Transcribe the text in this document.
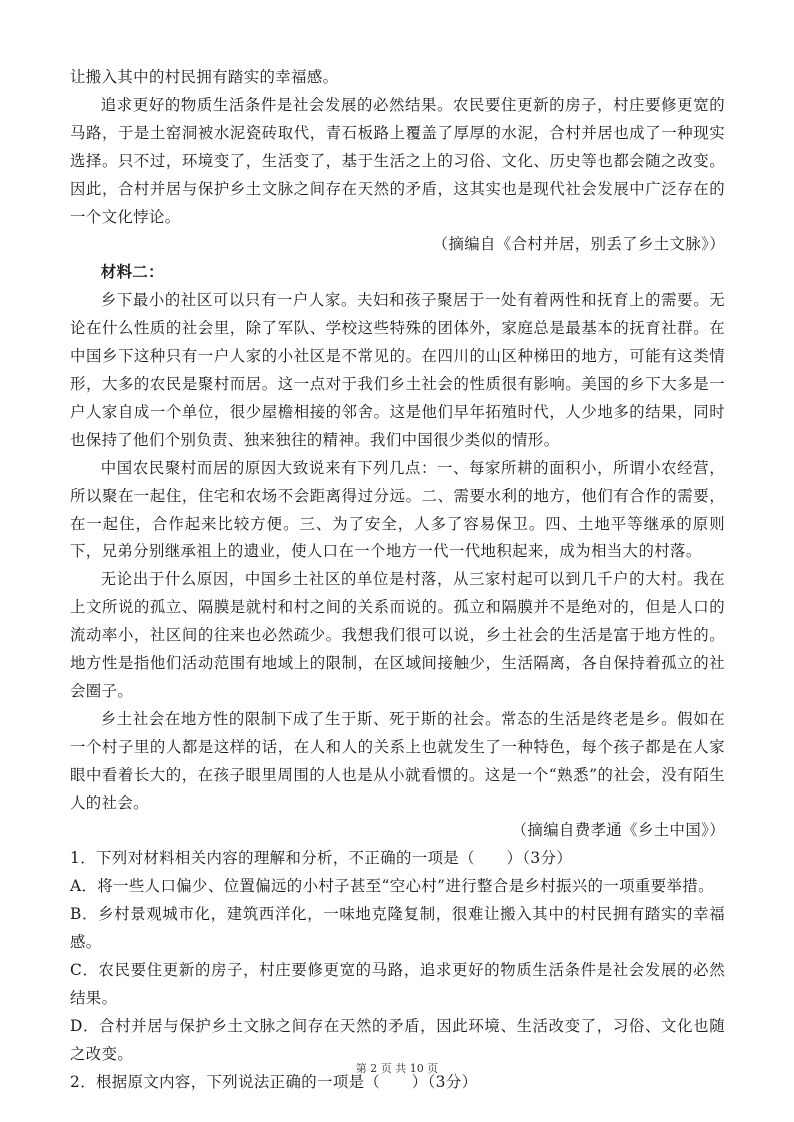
让搬入其中的村民拥有踏实的幸福感。

追求更好的物质生活条件是社会发展的必然结果。农民要住更新的房子，村庄要修更宽的马路，于是土窑洞被水泥瓷砖取代，青石板路上覆盖了厚厚的水泥，合村并居也成了一种现实选择。只不过，环境变了，生活变了，基于生活之上的习俗、文化、历史等也都会随之改变。因此，合村并居与保护乡土文脉之间存在天然的矛盾，这其实也是现代社会发展中广泛存在的一个文化悖论。

（摘编自《合村并居，别丢了乡土文脉》）

材料二：

乡下最小的社区可以只有一户人家。夫妇和孩子聚居于一处有着两性和抚育上的需要。无论在什么性质的社会里，除了军队、学校这些特殊的团体外，家庭总是最基本的抚育社群。在中国乡下这种只有一户人家的小社区是不常见的。在四川的山区种梯田的地方，可能有这类情形，大多的农民是聚村而居。这一点对于我们乡土社会的性质很有影响。美国的乡下大多是一户人家自成一个单位，很少屋檐相接的邻舍。这是他们早年拓殖时代，人少地多的结果，同时也保持了他们个别负责、独来独往的精神。我们中国很少类似的情形。

中国农民聚村而居的原因大致说来有下列几点：一、每家所耕的面积小，所谓小农经营，所以聚在一起住，住宅和农场不会距离得过分远。二、需要水利的地方，他们有合作的需要，在一起住，合作起来比较方便。三、为了安全，人多了容易保卫。四、土地平等继承的原则下，兄弟分别继承祖上的遗业，使人口在一个地方一代一代地积起来，成为相当大的村落。

无论出于什么原因，中国乡土社区的单位是村落，从三家村起可以到几千户的大村。我在上文所说的孤立、隔膜是就村和村之间的关系而说的。孤立和隔膜并不是绝对的，但是人口的流动率小，社区间的往来也必然疏少。我想我们很可以说，乡土社会的生活是富于地方性的。地方性是指他们活动范围有地域上的限制，在区域间接触少，生活隔离，各自保持着孤立的社会圈子。

乡土社会在地方性的限制下成了生于斯、死于斯的社会。常态的生活是终老是乡。假如在一个村子里的人都是这样的话，在人和人的关系上也就发生了一种特色，每个孩子都是在人家眼中看着长大的，在孩子眼里周围的人也是从小就看惯的。这是一个“熟悉”的社会，没有陌生人的社会。

（摘编自费孝通《乡土中国》）

1．下列对材料相关内容的理解和分析，不正确的一项是（　　）（3分）

A．将一些人口偏少、位置偏远的小村子甚至“空心村”进行整合是乡村振兴的一项重要举措。

B．乡村景观城市化，建筑西洋化，一味地克隆复制，很难让搬入其中的村民拥有踏实的幸福感。

C．农民要住更新的房子，村庄要修更宽的马路，追求更好的物质生活条件是社会发展的必然结果。

D．合村并居与保护乡土文脉之间存在天然的矛盾，因此环境、生活改变了，习俗、文化也随之改变。

2．根据原文内容，下列说法正确的一项是（　　）（3分）

第 2 页 共 10 页
